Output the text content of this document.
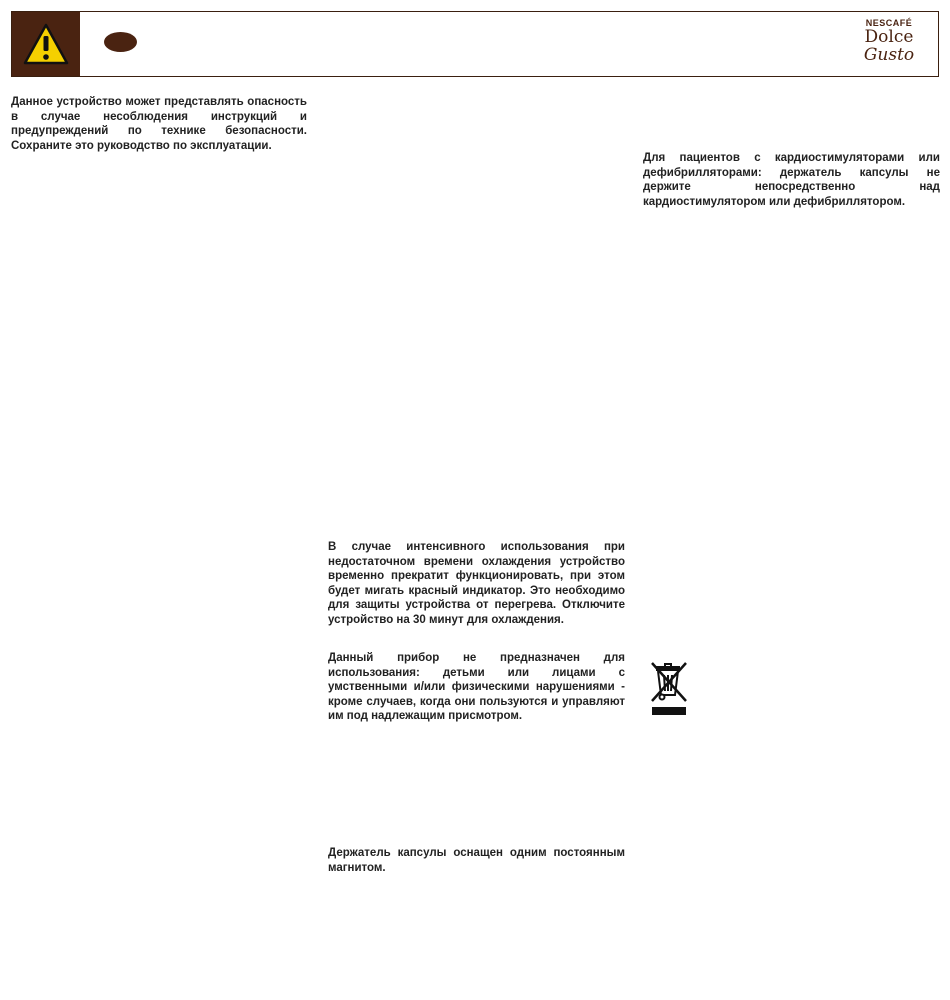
NESCAFÉ
Dolce
Gusto

Данное устройство может представлять опасность в случае несоблюдения инструкций и предупреждений по технике безопасности. Сохраните это руководство по эксплуатации.

Для пациентов с кардиостимуляторами или дефибрилляторами: держатель капсулы не держите непосредственно над кардиостимулятором или дефибриллятором.

В случае интенсивного использования при недостаточном времени охлаждения устройство временно прекратит функционировать, при этом будет мигать красный индикатор. Это необходимо для защиты устройства от перегрева. Отключите устройство на 30 минут для охлаждения.

Данный прибор не предназначен для использования: детьми или лицами с умственными и/или физическими нарушениями - кроме случаев, когда они пользуются и управляют им под надлежащим присмотром.

Держатель капсулы оснащен одним постоянным магнитом.
